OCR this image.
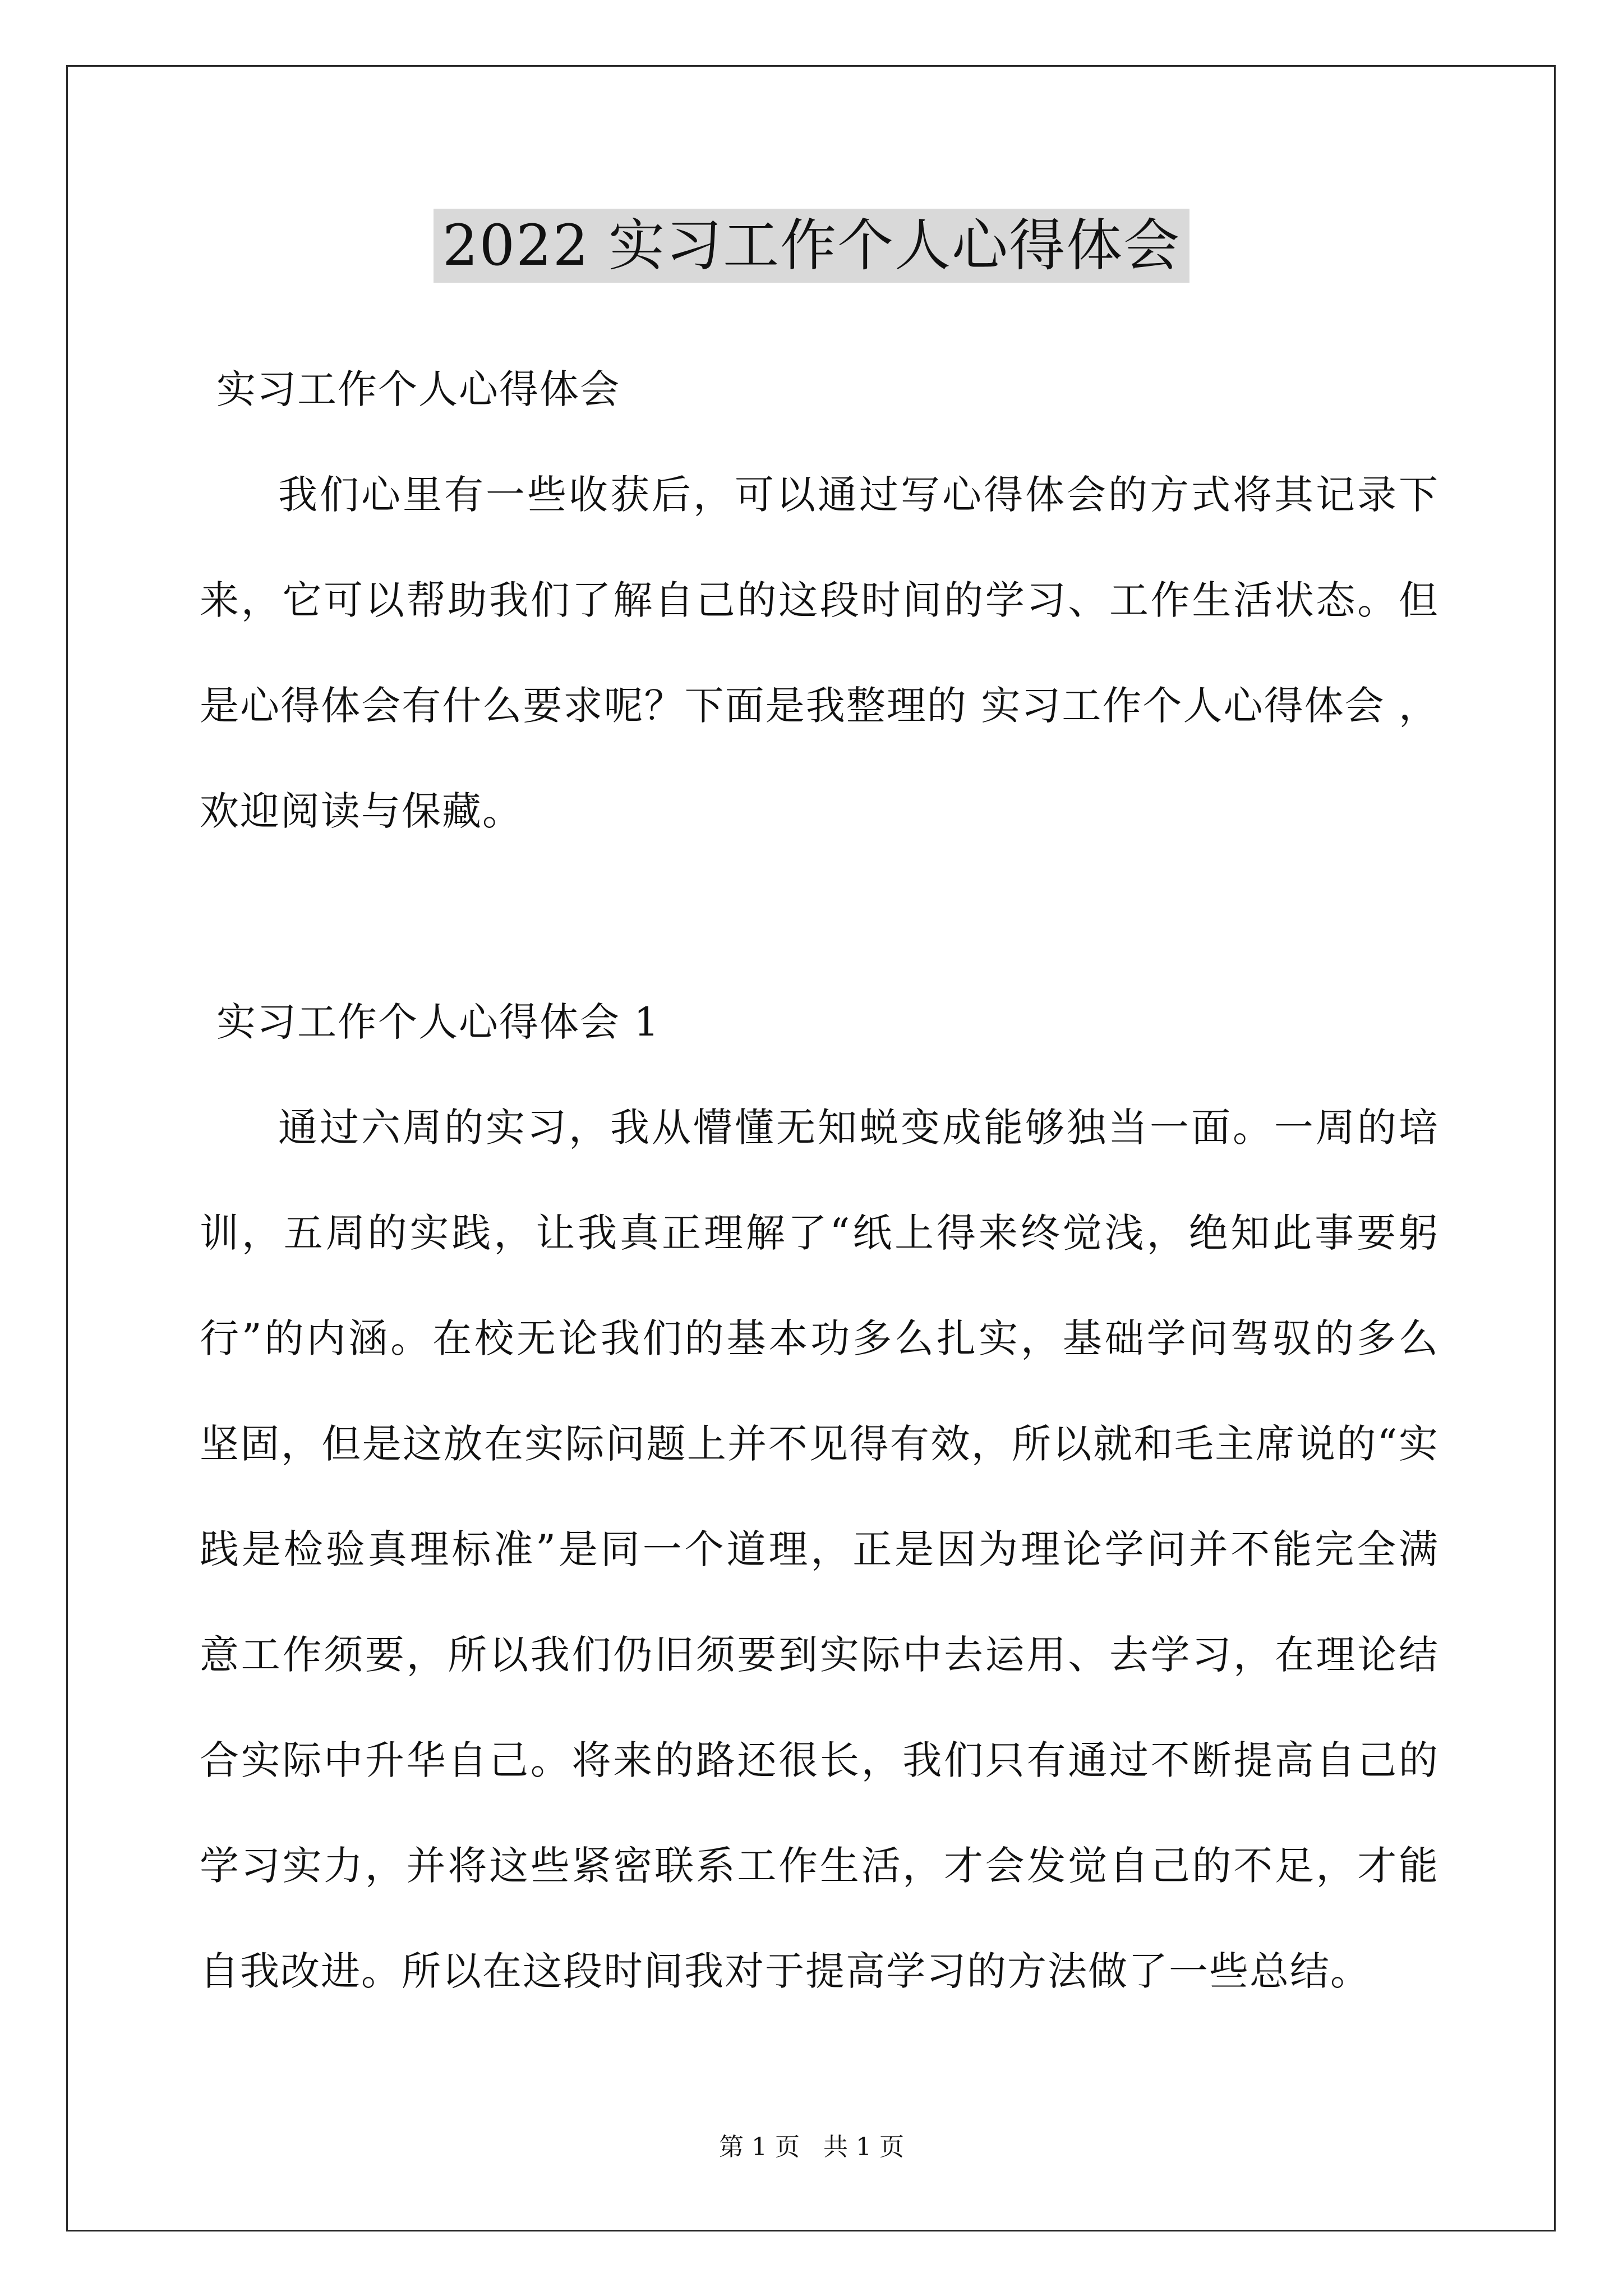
2022 实习工作个人心得体会
实习工作个人心得体会
我们心里有一些收获后，可以通过写心得体会的方式将其记录下
来，它可以帮助我们了解自己的这段时间的学习、工作生活状态。但
是心得体会有什么要求呢？下面是我整理的 实习工作个人心得体会 ，
欢迎阅读与保藏。
实习工作个人心得体会 1
通过六周的实习，我从懵懂无知蜕变成能够独当一面。一周的培
训，五周的实践，让我真正理解了“纸上得来终觉浅，绝知此事要躬
行”的内涵。在校无论我们的基本功多么扎实，基础学问驾驭的多么
坚固，但是这放在实际问题上并不见得有效，所以就和毛主席说的“实
践是检验真理标准”是同一个道理，正是因为理论学问并不能完全满
意工作须要，所以我们仍旧须要到实际中去运用、去学习，在理论结
合实际中升华自己。将来的路还很长，我们只有通过不断提高自己的
学习实力，并将这些紧密联系工作生活，才会发觉自己的不足，才能
自我改进。所以在这段时间我对于提高学习的方法做了一些总结。
第 1 页 共 1 页
